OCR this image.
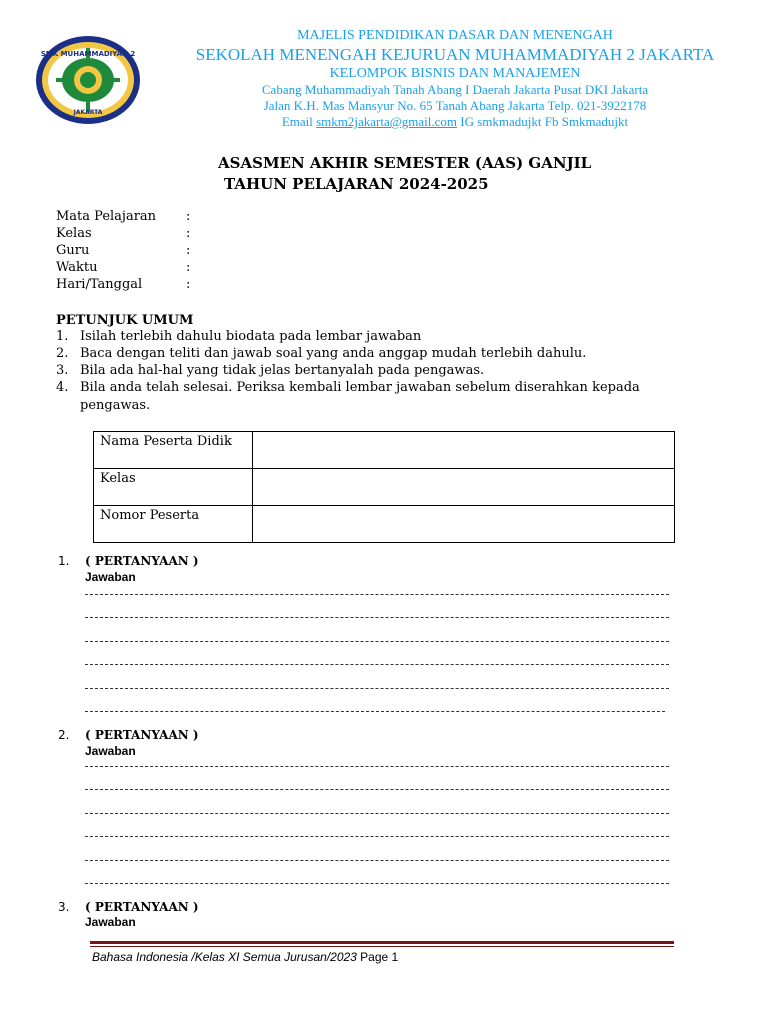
SMK MUHAMMADIYAH 2
JAKARTA
MAJELIS PENDIDIKAN DASAR DAN MENENGAH
SEKOLAH MENENGAH KEJURUAN MUHAMMADIYAH 2 JAKARTA
KELOMPOK BISNIS DAN MANAJEMEN
Cabang Muhammadiyah Tanah Abang I Daerah Jakarta Pusat DKI Jakarta
Jalan K.H. Mas Mansyur No. 65 Tanah Abang Jakarta Telp. 021-3922178
Email smkm2jakarta@gmail.com IG smkmadujkt Fb Smkmadujkt
ASASMEN AKHIR SEMESTER (AAS) GANJIL
TAHUN PELAJARAN 2024-2025
Mata Pelajaran :
Kelas	:
Guru	:
Waktu	:
Hari/Tanggal	:
PETUNJUK UMUM
1. Isilah terlebih dahulu biodata pada lembar jawaban
2. Baca dengan teliti dan jawab soal yang anda anggap mudah terlebih dahulu.
3. Bila ada hal-hal yang tidak jelas bertanyalah pada pengawas.
4. Bila anda telah selesai. Periksa kembali lembar jawaban sebelum diserahkan kepada
pengawas.
Nama Peserta Didik	
Kelas	
Nomor Peserta	
1. ( PERTANYAAN )
Jawaban
2. ( PERTANYAAN )
Jawaban
3. ( PERTANYAAN )
Jawaban
Bahasa Indonesia /Kelas XI Semua Jurusan/2023 Page 1
